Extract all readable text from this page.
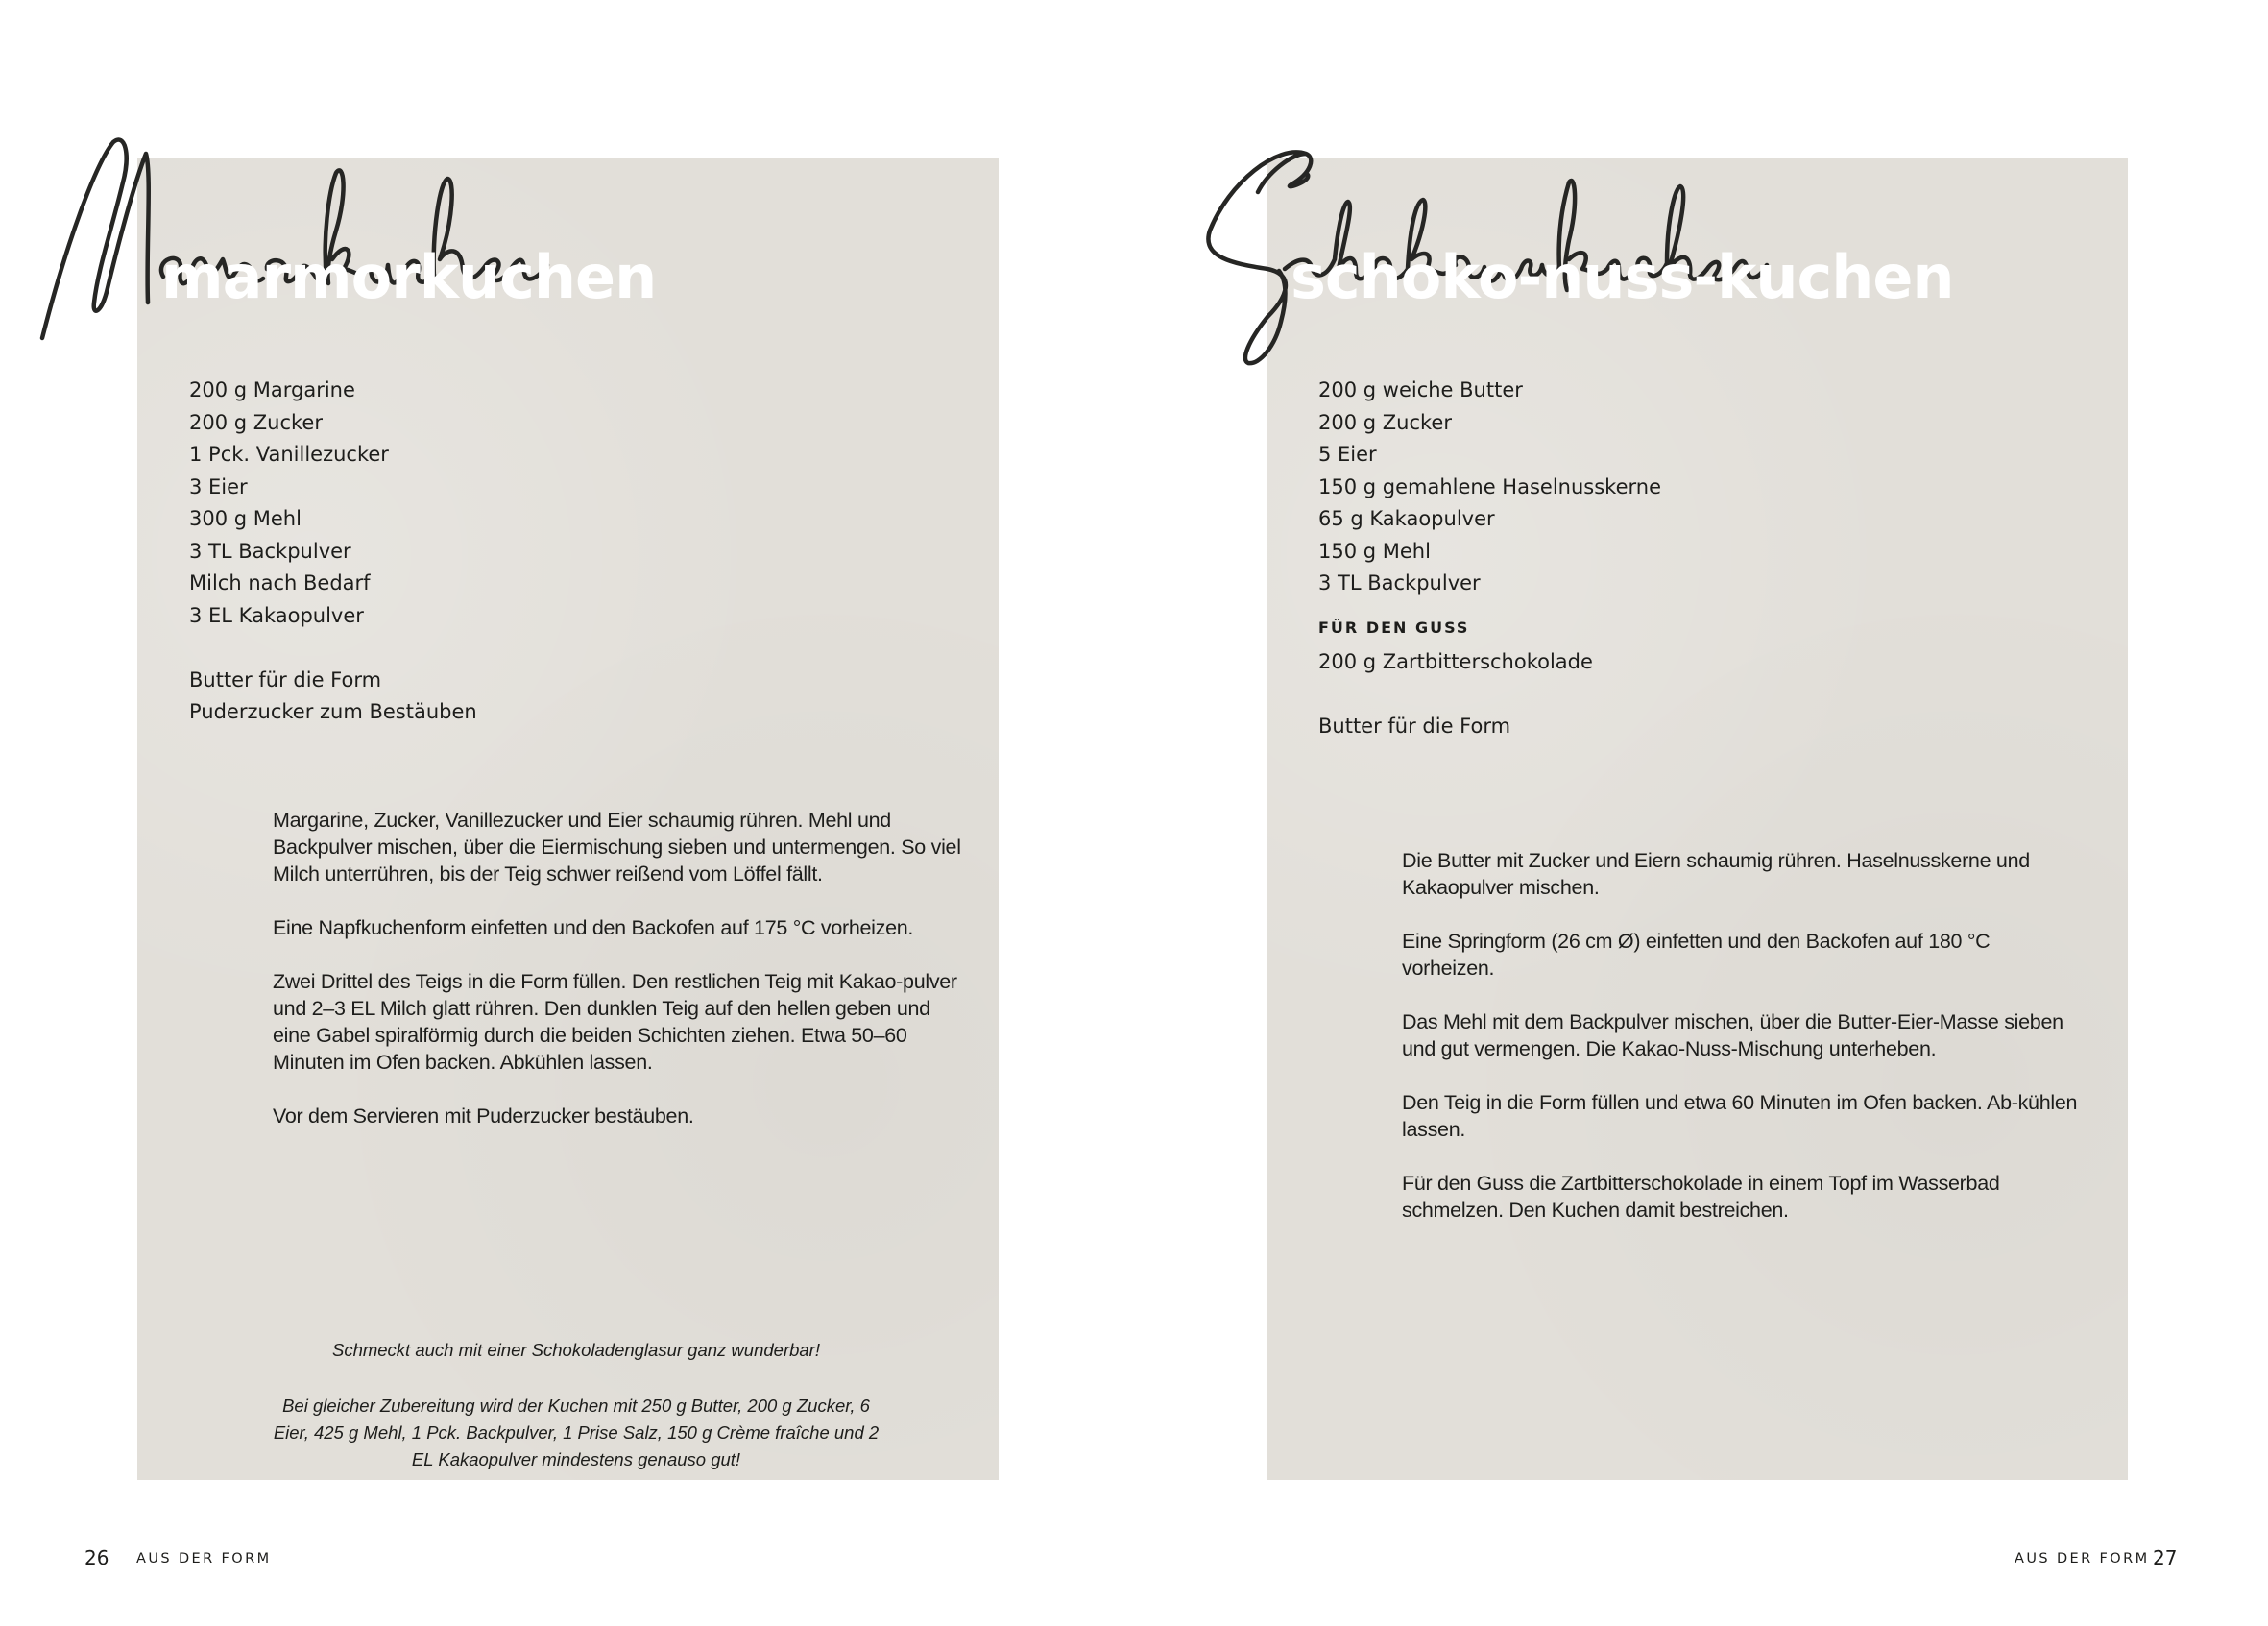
marmorkuchen
200 g Margarine
200 g Zucker
1 Pck. Vanillezucker
3 Eier
300 g Mehl
3 TL Backpulver
Milch nach Bedarf
3 EL Kakaopulver
Butter für die Form
Puderzucker zum Bestäuben

Margarine, Zucker, Vanillezucker und Eier schaumig rühren. Mehl und Backpulver mischen, über die Eiermischung sieben und untermengen. So viel Milch unterrühren, bis der Teig schwer reißend vom Löffel fällt.

Eine Napfkuchenform einfetten und den Backofen auf 175 °C vorheizen.

Zwei Drittel des Teigs in die Form füllen. Den restlichen Teig mit Kakao-pulver und 2–3 EL Milch glatt rühren. Den dunklen Teig auf den hellen geben und eine Gabel spiralförmig durch die beiden Schichten ziehen. Etwa 50–60 Minuten im Ofen backen. Abkühlen lassen.

Vor dem Servieren mit Puderzucker bestäuben.

Schmeckt auch mit einer Schokoladenglasur ganz wunderbar!

Bei gleicher Zubereitung wird der Kuchen mit 250 g Butter, 200 g Zucker, 6 Eier, 425 g Mehl, 1 Pck. Backpulver, 1 Prise Salz, 150 g Crème fraîche und 2 EL Kakaopulver mindestens genauso gut!

26 AUS DER FORM
schoko-nuss-kuchen
200 g weiche Butter
200 g Zucker
5 Eier
150 g gemahlene Haselnusskerne
65 g Kakaopulver
150 g Mehl
3 TL Backpulver
FÜR DEN GUSS
200 g Zartbitterschokolade
Butter für die Form

Die Butter mit Zucker und Eiern schaumig rühren. Haselnusskerne und Kakaopulver mischen.

Eine Springform (26 cm Ø) einfetten und den Backofen auf 180 °C vorheizen.

Das Mehl mit dem Backpulver mischen, über die Butter-Eier-Masse sieben und gut vermengen. Die Kakao-Nuss-Mischung unterheben.

Den Teig in die Form füllen und etwa 60 Minuten im Ofen backen. Ab-kühlen lassen.

Für den Guss die Zartbitterschokolade in einem Topf im Wasserbad schmelzen. Den Kuchen damit bestreichen.

AUS DER FORM 27
